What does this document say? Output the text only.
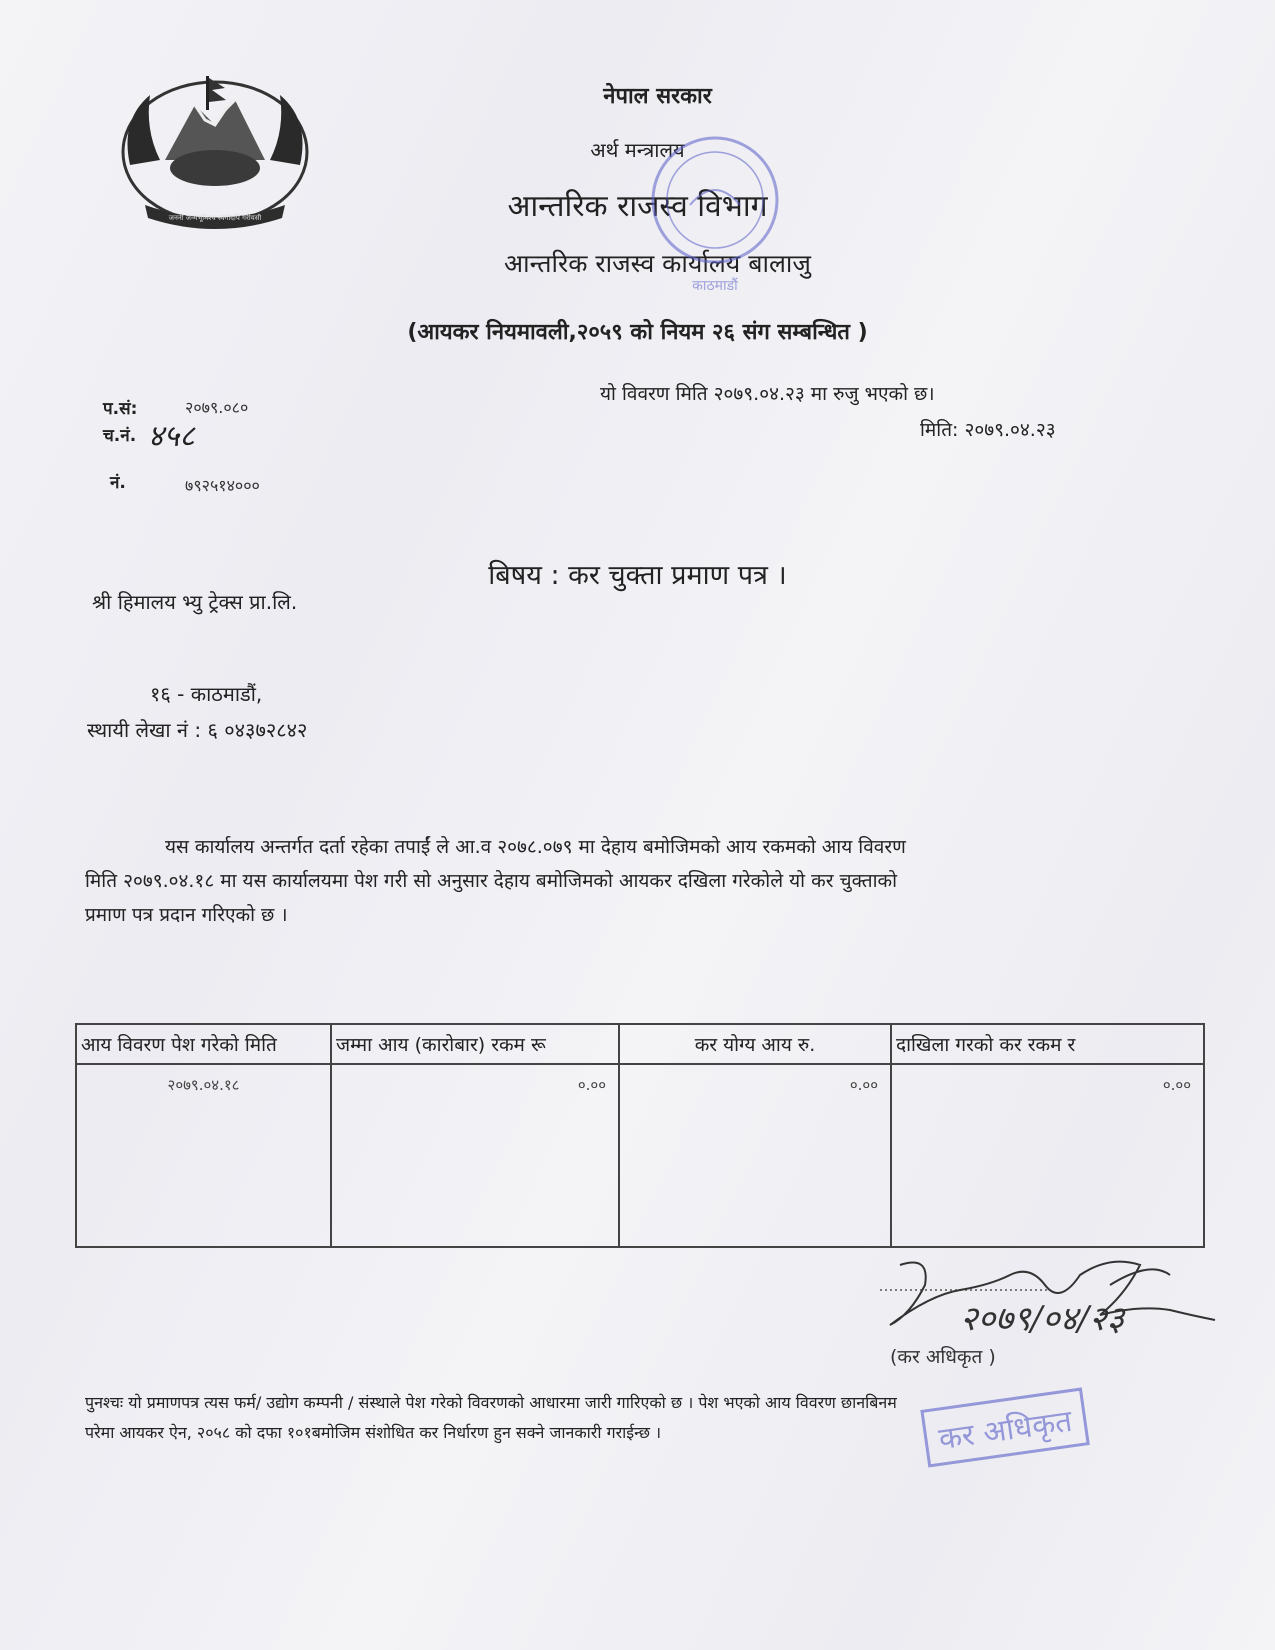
जननी जन्मभूमिश्च स्वर्गादपि गरीयसी
नेपाल सरकार
अर्थ मन्त्रालय
आन्तरिक राजस्व विभाग
आन्तरिक राजस्व कार्यालय बालाजु
(आयकर नियमावली,२०५९ को नियम २६ संग सम्बन्धित )
काठमाडौं
प.सं:	२०७९.०८०
च.नं. ४५८
नं.	७९२५१४०००
यो विवरण मिति २०७९.०४.२३ मा रुजु भएको छ।
मिति: २०७९.०४.२३
बिषय : कर चुक्ता प्रमाण पत्र ।
श्री हिमालय भ्यु ट्रेक्स प्रा.लि.
१६ - काठमाडौं,
स्थायी लेखा नं : ६ ०४३७२८४२
यस कार्यालय अन्तर्गत दर्ता रहेका तपाईं ले आ.व २०७८.०७९ मा देहाय बमोजिमको आय रकमको आय विवरण
मिति २०७९.०४.१८ मा यस कार्यालयमा पेश गरी सो अनुसार देहाय बमोजिमको आयकर दखिला गरेकोले यो कर चुक्ताको
प्रमाण पत्र प्रदान गरिएको छ ।
आय विवरण पेश गरेको मिति	जम्मा आय (कारोबार) रकम रू	कर योग्य आय रु.	दाखिला गरको कर रकम र
२०७९.०४.१८	०.००	०.००	०.००
२०७९/०४/२३
(कर अधिकृत )
कर अधिकृत
पुनश्चः यो प्रमाणपत्र त्यस फर्म/ उद्योग कम्पनी / संस्थाले पेश गरेको विवरणको आधारमा जारी गारिएको छ । पेश भएको आय विवरण छानबिनम
परेमा आयकर ऐन, २०५८ को दफा १०१बमोजिम संशोधित कर निर्धारण हुन सक्ने जानकारी गराईन्छ ।
